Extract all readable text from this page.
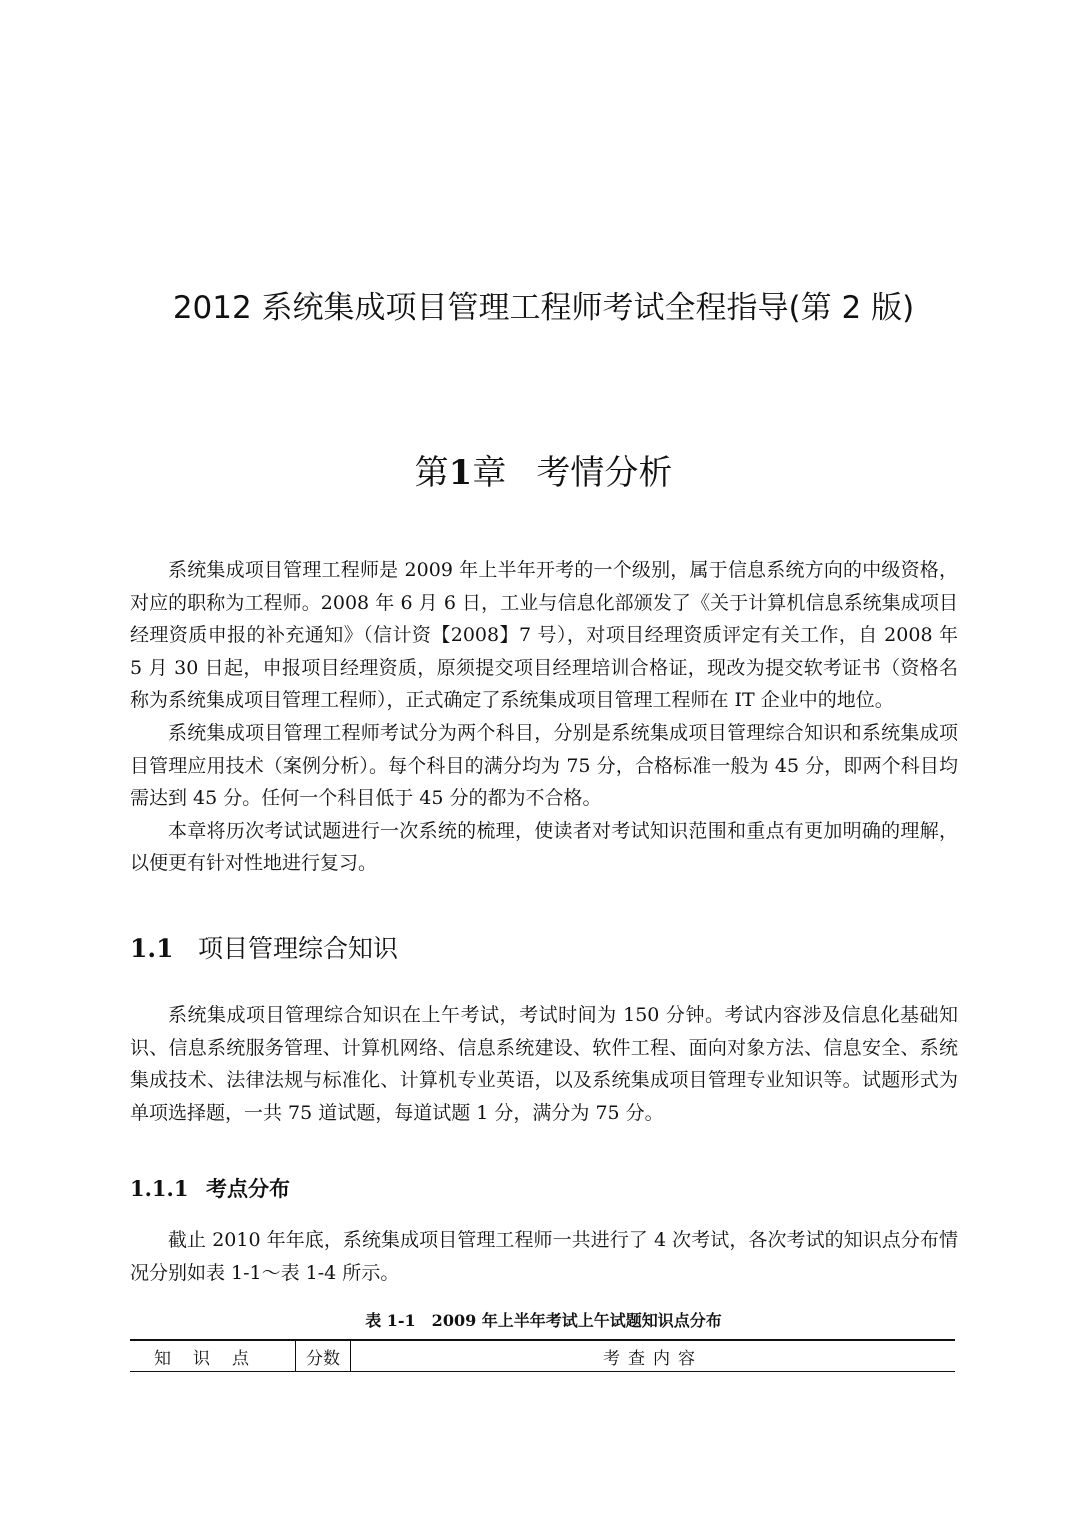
2012 系统集成项目管理工程师考试全程指导(第 2 版)
第1章 考情分析

系统集成项目管理工程师是 2009 年上半年开考的一个级别，属于信息系统方向的中级资格，对应的职称为工程师。2008 年 6 月 6 日，工业与信息化部颁发了《关于计算机信息系统集成项目经理资质申报的补充通知》（信计资【2008】7 号），对项目经理资质评定有关工作，自 2008 年 5 月 30 日起，申报项目经理资质，原须提交项目经理培训合格证，现改为提交软考证书（资格名称为系统集成项目管理工程师），正式确定了系统集成项目管理工程师在 IT 企业中的地位。

系统集成项目管理工程师考试分为两个科目，分别是系统集成项目管理综合知识和系统集成项目管理应用技术（案例分析）。每个科目的满分均为 75 分，合格标准一般为 45 分，即两个科目均需达到 45 分。任何一个科目低于 45 分的都为不合格。

本章将历次考试试题进行一次系统的梳理，使读者对考试知识范围和重点有更加明确的理解，以便更有针对性地进行复习。

1.1 项目管理综合知识

系统集成项目管理综合知识在上午考试，考试时间为 150 分钟。考试内容涉及信息化基础知识、信息系统服务管理、计算机网络、信息系统建设、软件工程、面向对象方法、信息安全、系统集成技术、法律法规与标准化、计算机专业英语，以及系统集成项目管理专业知识等。试题形式为单项选择题，一共 75 道试题，每道试题 1 分，满分为 75 分。

1.1.1 考点分布

截止 2010 年年底，系统集成项目管理工程师一共进行了 4 次考试，各次考试的知识点分布情况分别如表 1-1～表 1-4 所示。

表 1-1　2009 年上半年考试上午试题知识点分布
知识点	分数	考查内容
